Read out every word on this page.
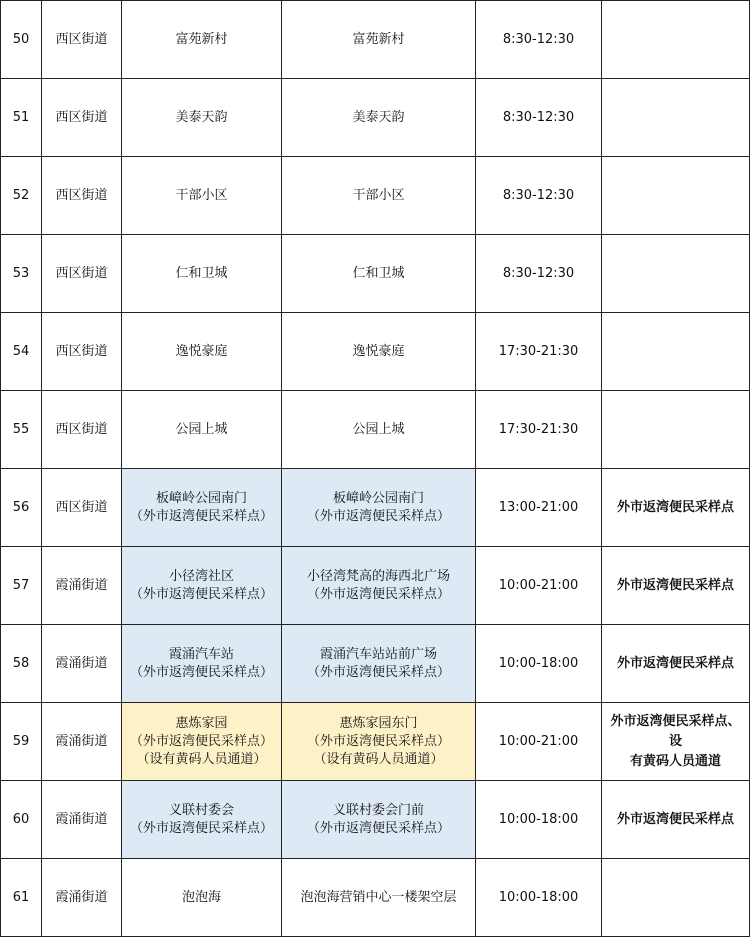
50	西区街道	富苑新村	富苑新村	8:30-12:30	

51	西区街道	美泰天韵	美泰天韵	8:30-12:30	

52	西区街道	干部小区	干部小区	8:30-12:30	

53	西区街道	仁和卫城	仁和卫城	8:30-12:30	

54	西区街道	逸悦豪庭	逸悦豪庭	17:30-21:30	

55	西区街道	公园上城	公园上城	17:30-21:30	

56	西区街道	板嶂岭公园南门
（外市返湾便民采样点）	板嶂岭公园南门
（外市返湾便民采样点）	13:00-21:00	外市返湾便民采样点

57	霞涌街道	小径湾社区
（外市返湾便民采样点）	小径湾梵高的海西北广场
（外市返湾便民采样点）	10:00-21:00	外市返湾便民采样点

58	霞涌街道	霞涌汽车站
（外市返湾便民采样点）	霞涌汽车站站前广场
（外市返湾便民采样点）	10:00-18:00	外市返湾便民采样点

59	霞涌街道	惠炼家园
（外市返湾便民采样点）
（设有黄码人员通道）	惠炼家园东门
（外市返湾便民采样点）
（设有黄码人员通道）	10:00-21:00	外市返湾便民采样点、设
有黄码人员通道

60	霞涌街道	义联村委会
（外市返湾便民采样点）	义联村委会门前
（外市返湾便民采样点）	10:00-18:00	外市返湾便民采样点

61	霞涌街道	泡泡海	泡泡海营销中心一楼架空层	10:00-18:00	
